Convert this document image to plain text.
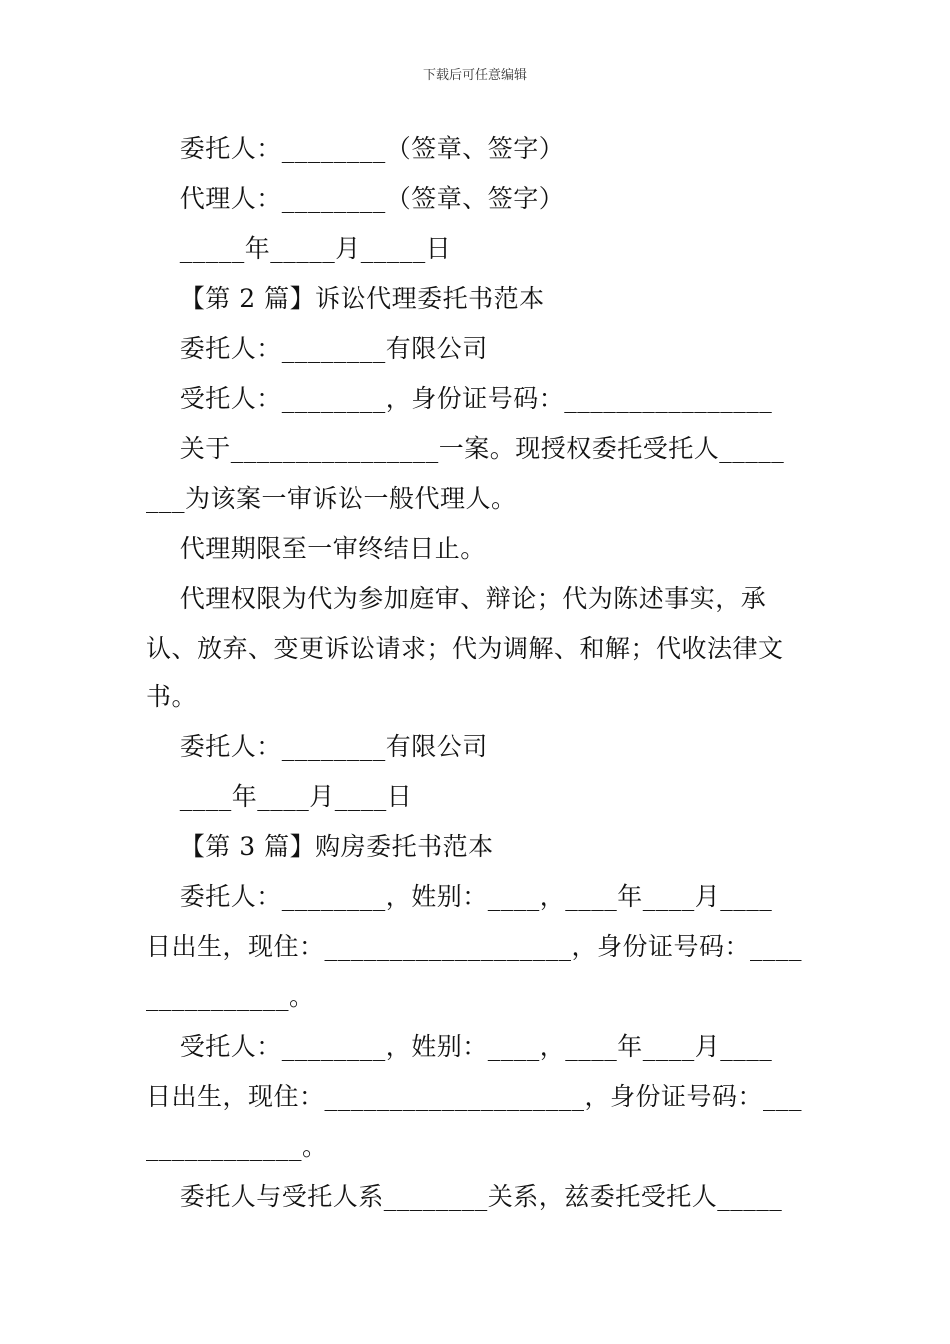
下载后可任意编辑
委托人：________（签章、签字）
代理人：________（签章、签字）
_____年_____月_____日
【第 2 篇】诉讼代理委托书范本
委托人：________有限公司
受托人：________，身份证号码：________________
关于________________一案。现授权委托受托人_____
___为该案一审诉讼一般代理人。
代理期限至一审终结日止。
代理权限为代为参加庭审、辩论；代为陈述事实，承
认、放弃、变更诉讼请求；代为调解、和解；代收法律文
书。
委托人：________有限公司
____年____月____日
【第 3 篇】购房委托书范本
委托人：________，姓别：____，____年____月____
日出生，现住：___________________，身份证号码：____
___________。
受托人：________，姓别：____，____年____月____
日出生，现住：____________________，身份证号码：___
____________。
委托人与受托人系________关系，兹委托受托人_____
